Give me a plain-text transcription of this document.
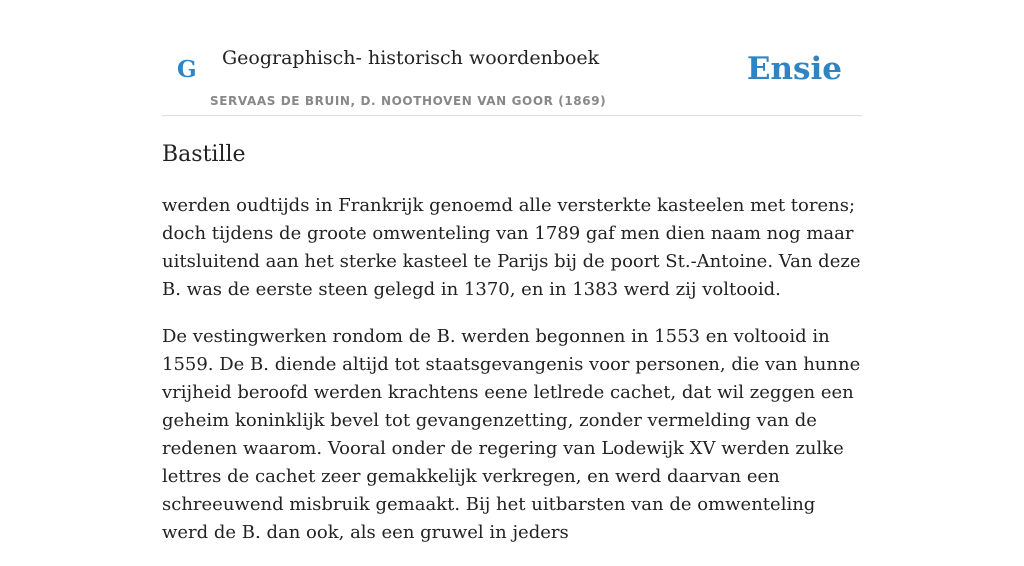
G Geographisch- historisch woordenboek
SERVAAS DE BRUIN, D. NOOTHOVEN VAN GOOR (1869)
Ensie
Bastille

werden oudtijds in Frankrijk genoemd alle versterkte kasteelen met torens; doch tijdens de groote omwenteling van 1789 gaf men dien naam nog maar uitsluitend aan het sterke kasteel te Parijs bij de poort St.-Antoine. Van deze B. was de eerste steen gelegd in 1370, en in 1383 werd zij voltooid.

De vestingwerken rondom de B. werden begonnen in 1553 en voltooid in 1559. De B. diende altijd tot staatsgevangenis voor personen, die van hunne vrijheid beroofd werden krachtens eene letlrede cachet, dat wil zeggen een geheim koninklijk bevel tot gevangenzetting, zonder vermelding van de redenen waarom. Vooral onder de regering van Lodewijk XV werden zulke lettres de cachet zeer gemakkelijk verkregen, en werd daarvan een schreeuwend misbruik gemaakt. Bij het uitbarsten van de omwenteling werd de B. dan ook, als een gruwel in jeders
